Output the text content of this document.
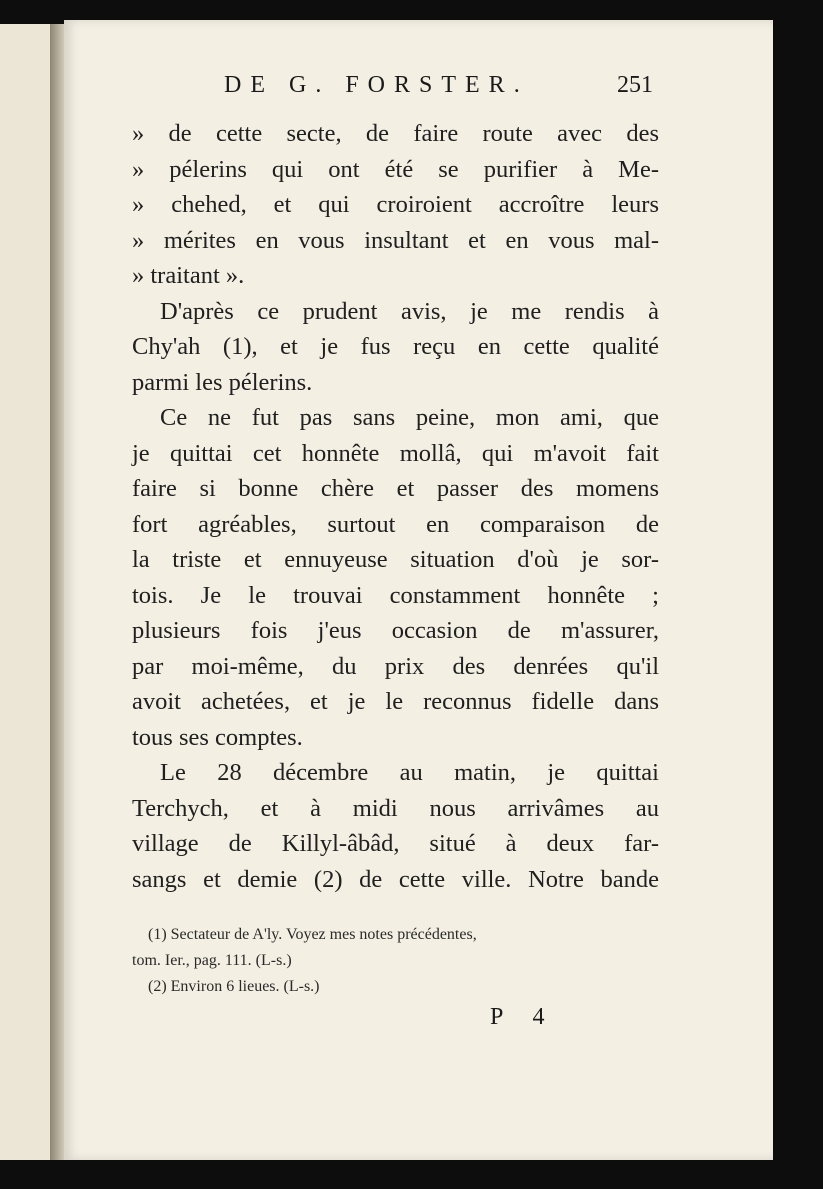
DE G. FORSTER.	251
» de cette secte, de faire route avec des
» pélerins qui ont été se purifier à Me-
» chehed, et qui croiroient accroître leurs
» mérites en vous insultant et en vous mal-
» traitant ».
D'après ce prudent avis, je me rendis à
Chy'ah (1), et je fus reçu en cette qualité
parmi les pélerins.
Ce ne fut pas sans peine, mon ami, que
je quittai cet honnête mollâ, qui m'avoit fait
faire si bonne chère et passer des momens
fort agréables, surtout en comparaison de
la triste et ennuyeuse situation d'où je sor-
tois. Je le trouvai constamment honnête ;
plusieurs fois j'eus occasion de m'assurer,
par moi-même, du prix des denrées qu'il
avoit achetées, et je le reconnus fidelle dans
tous ses comptes.
Le 28 décembre au matin, je quittai
Terchych, et à midi nous arrivâmes au
village de Killyl-âbâd, situé à deux far-
sangs et demie (2) de cette ville. Notre bande
(1) Sectateur de A'ly. Voyez mes notes précédentes,
tom. Ier., pag. 111. (L-s.)
(2) Environ 6 lieues. (L-s.)
P 4
